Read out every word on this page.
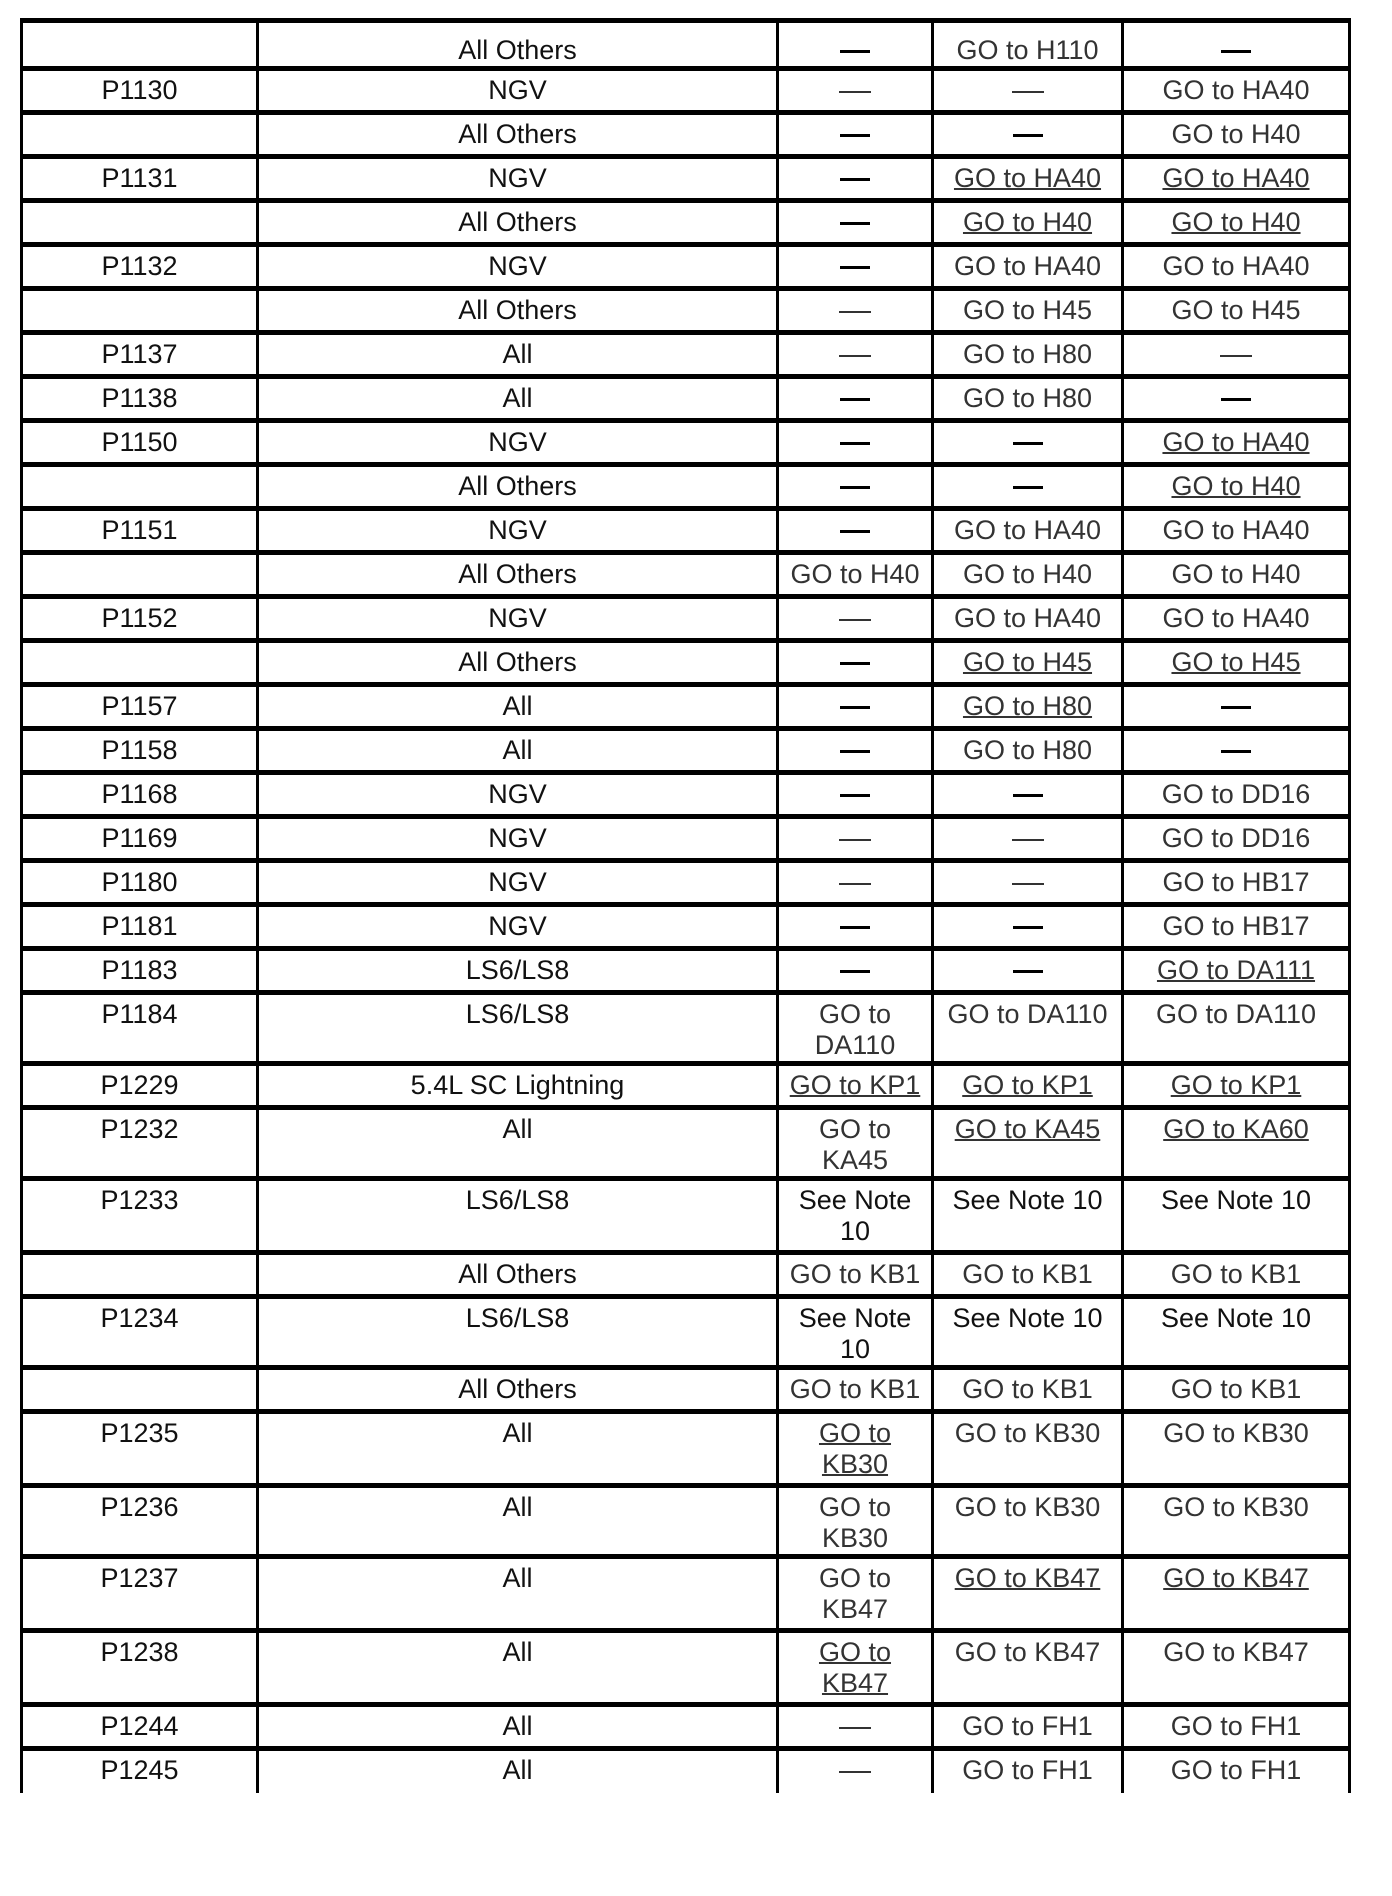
	All Others		GO to H110	
P1130	NGV			GO to HA40
	All Others			GO to H40
P1131	NGV		GO to HA40	GO to HA40
	All Others		GO to H40	GO to H40
P1132	NGV		GO to HA40	GO to HA40
	All Others		GO to H45	GO to H45
P1137	All		GO to H80	
P1138	All		GO to H80	
P1150	NGV			GO to HA40
	All Others			GO to H40
P1151	NGV		GO to HA40	GO to HA40
	All Others	GO to H40	GO to H40	GO to H40
P1152	NGV		GO to HA40	GO to HA40
	All Others		GO to H45	GO to H45
P1157	All		GO to H80	
P1158	All		GO to H80	
P1168	NGV			GO to DD16
P1169	NGV			GO to DD16
P1180	NGV			GO to HB17
P1181	NGV			GO to HB17
P1183	LS6/LS8			GO to DA111
P1184	LS6/LS8	GO to DA110	GO to DA110	GO to DA110
P1229	5.4L SC Lightning	GO to KP1	GO to KP1	GO to KP1
P1232	All	GO to KA45	GO to KA45	GO to KA60
P1233	LS6/LS8	See Note 10	See Note 10	See Note 10
	All Others	GO to KB1	GO to KB1	GO to KB1
P1234	LS6/LS8	See Note 10	See Note 10	See Note 10
	All Others	GO to KB1	GO to KB1	GO to KB1
P1235	All	GO to KB30	GO to KB30	GO to KB30
P1236	All	GO to KB30	GO to KB30	GO to KB30
P1237	All	GO to KB47	GO to KB47	GO to KB47
P1238	All	GO to KB47	GO to KB47	GO to KB47
P1244	All		GO to FH1	GO to FH1
P1245	All		GO to FH1	GO to FH1
